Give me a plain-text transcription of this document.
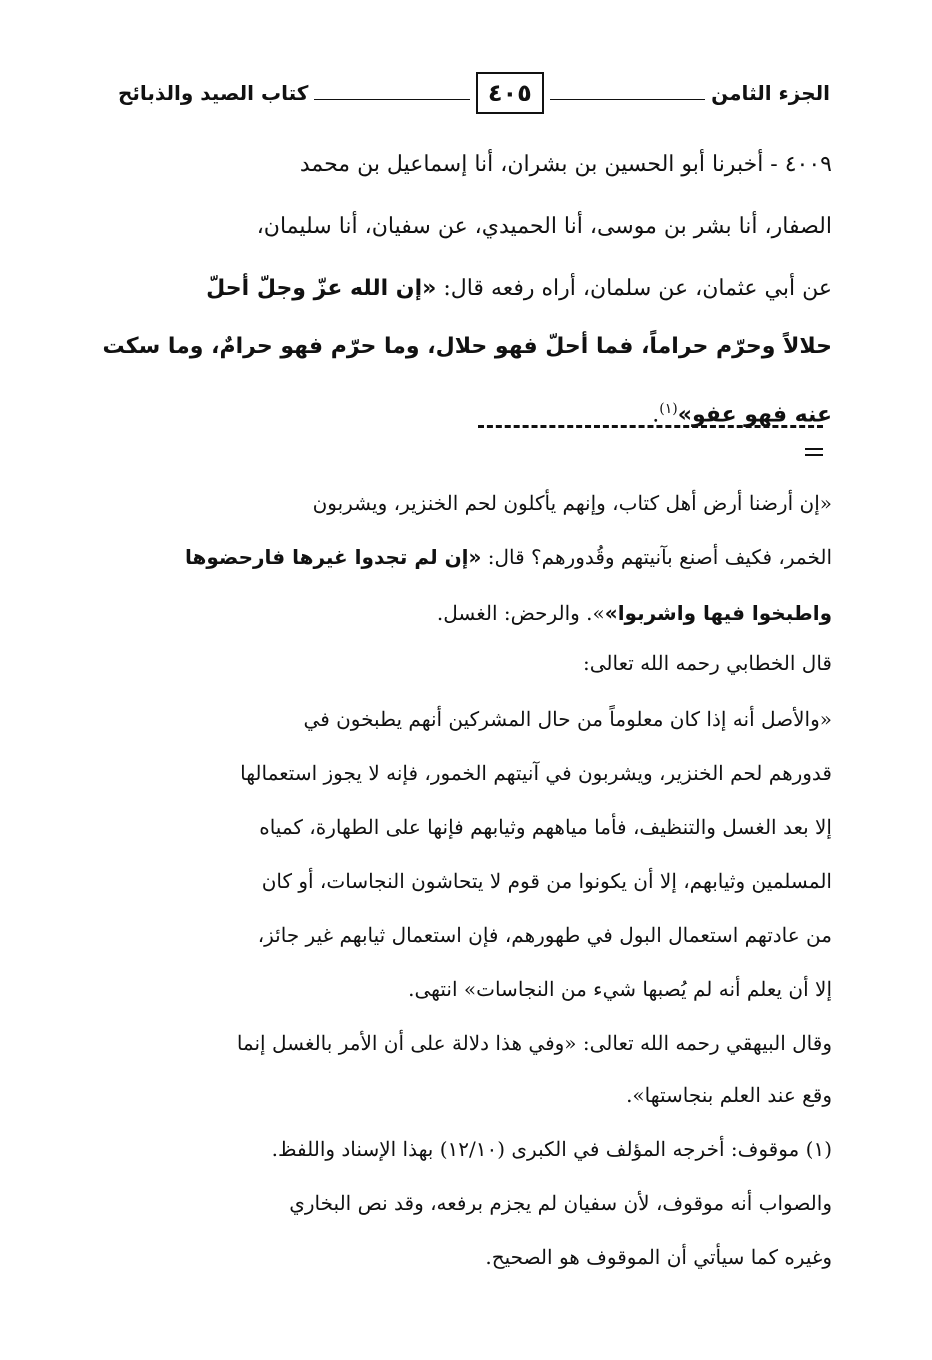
الجزء الثامن
٤٠٥
كتاب الصيد والذبائح
٤٠٠٩ - أخبرنا أبو الحسين بن بشران، أنا إسماعيل بن محمد
الصفار، أنا بشر بن موسى، أنا الحميدي، عن سفيان، أنا سليمان،
عن أبي عثمان، عن سلمان، أراه رفعه قال: «إن الله عزّ وجلّ أحلّ
حلالاً وحرّم حراماً، فما أحلّ فهو حلال، وما حرّم فهو حرامٌ، وما سكت
عنه فهو عفو»$^{(١)}$.
«إن أرضنا أرض أهل كتاب، وإنهم يأكلون لحم الخنزير، ويشربون
الخمر، فكيف أصنع بآنيتهم وقُدورهم؟ قال: «إن لم تجدوا غيرها فارحضوها
واطبخوا فيها واشربوا»». والرحض: الغسل.
قال الخطابي رحمه الله تعالى:
«والأصل أنه إذا كان معلوماً من حال المشركين أنهم يطبخون في
قدورهم لحم الخنزير، ويشربون في آنيتهم الخمور، فإنه لا يجوز استعمالها
إلا بعد الغسل والتنظيف، فأما مياههم وثيابهم فإنها على الطهارة، كمياه
المسلمين وثيابهم، إلا أن يكونوا من قوم لا يتحاشون النجاسات، أو كان
من عادتهم استعمال البول في طهورهم، فإن استعمال ثيابهم غير جائز،
إلا أن يعلم أنه لم يُصبها شيء من النجاسات» انتهى.
وقال البيهقي رحمه الله تعالى: «وفي هذا دلالة على أن الأمر بالغسل إنما
وقع عند العلم بنجاستها».
(١) موقوف: أخرجه المؤلف في الكبرى (١٢/١٠) بهذا الإسناد واللفظ.
والصواب أنه موقوف، لأن سفيان لم يجزم برفعه، وقد نص البخاري
وغيره كما سيأتي أن الموقوف هو الصحيح.
